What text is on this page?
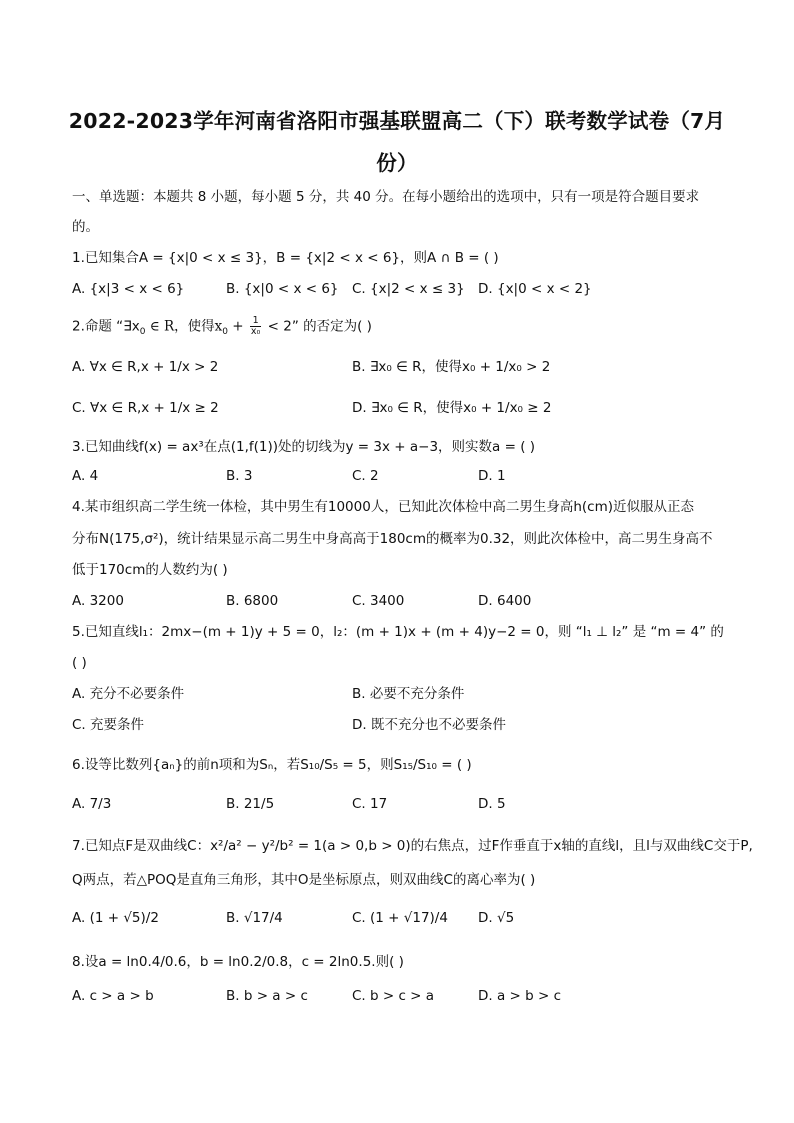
2022-2023学年河南省洛阳市强基联盟高二（下）联考数学试卷（7月
份）
一、单选题：本题共 8 小题，每小题 5 分，共 40 分。在每小题给出的选项中，只有一项是符合题目要求
的。
1.已知集合A = {x|0 < x ≤ 3}，B = {x|2 < x < 6}，则A ∩ B = ( )
A. {x|3 < x < 6}	B. {x|0 < x < 6} C. {x|2 < x ≤ 3} D. {x|0 < x < 2}
2.命题 “$\exists x_0$ ∈ R，使得$x_0 + \frac{1}{\text{x₀}} < 2$” 的否定为( )
A. ∀x ∈ R,x + 1/x > 2	B. ∃x₀ ∈ R，使得x₀ + 1/x₀ > 2
C. ∀x ∈ R,x + 1/x ≥ 2	D. ∃x₀ ∈ R，使得x₀ + 1/x₀ ≥ 2
3.已知曲线f(x) = ax³在点(1,f(1))处的切线为y = 3x + a−3，则实数a = ( )
A. 4	B. 3	C. 2	D. 1
4.某市组织高二学生统一体检，其中男生有10000人，已知此次体检中高二男生身高h(cm)近似服从正态
分布N(175,σ²)，统计结果显示高二男生中身高高于180cm的概率为0.32，则此次体检中，高二男生身高不
低于170cm的人数约为( )
A. 3200	B. 6800	C. 3400	D. 6400
5.已知直线l₁：2mx−(m + 1)y + 5 = 0，l₂：(m + 1)x + (m + 4)y−2 = 0，则 “l₁ ⊥ l₂” 是 “m = 4” 的
( )
A. 充分不必要条件	B. 必要不充分条件
C. 充要条件	D. 既不充分也不必要条件
6.设等比数列{aₙ}的前n项和为Sₙ，若S₁₀/S₅ = 5，则S₁₅/S₁₀ = ( )
A. 7/3	B. 21/5	C. 17	D. 5
7.已知点F是双曲线C：x²/a² − y²/b² = 1(a > 0,b > 0)的右焦点，过F作垂直于x轴的直线l，且l与双曲线C交于P,
Q两点，若△POQ是直角三角形，其中O是坐标原点，则双曲线C的离心率为( )
A. (1 + √5)/2	B. √17/4	C. (1 + √17)/4 D. √5
8.设a = ln0.4/0.6，b = ln0.2/0.8，c = 2ln0.5.则( )
A. c > a > b	B. b > a > c	C. b > c > a	D. a > b > c
